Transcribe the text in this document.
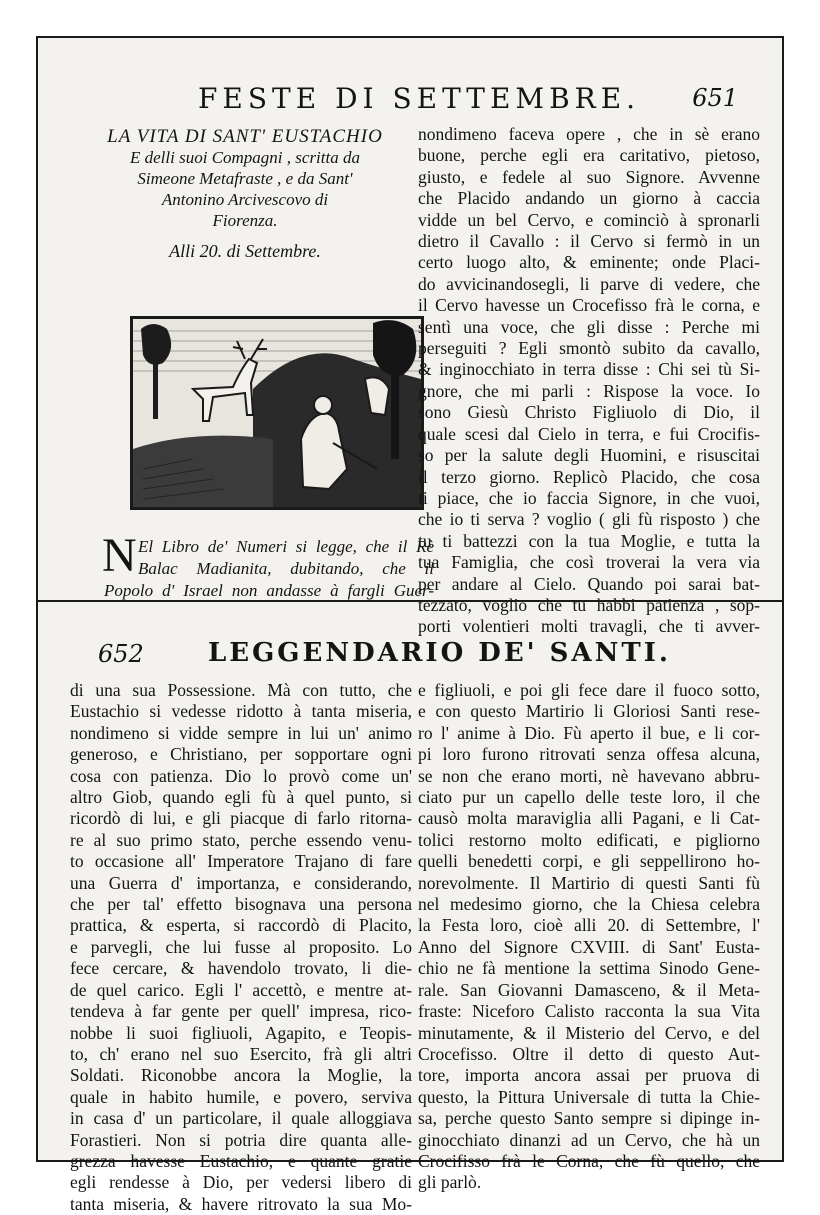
FESTE DI SETTEMBRE. 651
LA VITA DI SANT' EUSTACHIO
E delli suoi Compagni , scritta da
Simeone Metafraste , e da Sant'
Antonino Arcivescovo di
Fiorenza.
Alli 20. di Settembre.
N El Libro de' Numeri si legge, che il Rè
Balac Madianita, dubitando, che il
Popolo d' Israel non andasse à fargli Guer-
nondimeno faceva opere , che in sè erano
buone, perche egli era caritativo, pietoso,
giusto, e fedele al suo Signore. Avvenne
che Placido andando un giorno à caccia
vidde un bel Cervo, e cominciò à spronarli
dietro il Cavallo : il Cervo si fermò in un
certo luogo alto, & eminente; onde Placi-
do avvicinandosegli, li parve di vedere, che
il Cervo havesse un Crocefisso frà le corna, e
sentì una voce, che gli disse : Perche mi
perseguiti ? Egli smontò subito da cavallo,
& inginocchiato in terra disse : Chi sei tù Si-
gnore, che mi parli : Rispose la voce. Io
sono Giesù Christo Figliuolo di Dio, il
quale scesi dal Cielo in terra, e fui Crocifis-
so per la salute degli Huomini, e risuscitai
il terzo giorno. Replicò Placido, che cosa
ti piace, che io faccia Signore, in che vuoi,
che io ti serva ? voglio ( gli fù risposto ) che
tu ti battezzi con la tua Moglie, e tutta la
tua Famiglia, che così troverai la vera via
per andare al Cielo. Quando poi sarai bat-
tezzato, voglio che tu habbi patienza , sop-
porti volentieri molti travagli, che ti avver-
652 LEGGENDARIO DE' SANTI.
di una sua Possessione. Mà con tutto, che
Eustachio si vedesse ridotto à tanta miseria,
nondimeno si vidde sempre in lui un' animo
generoso, e Christiano, per sopportare ogni
cosa con patienza. Dio lo provò come un'
altro Giob, quando egli fù à quel punto, si
ricordò di lui, e gli piacque di farlo ritorna-
re al suo primo stato, perche essendo venu-
to occasione all' Imperatore Trajano di fare
una Guerra d' importanza, e considerando,
che per tal' effetto bisognava una persona
prattica, & esperta, si raccordò di Placito,
e parvegli, che lui fusse al proposito. Lo
fece cercare, & havendolo trovato, li die-
de quel carico. Egli l' accettò, e mentre at-
tendeva à far gente per quell' impresa, rico-
nobbe li suoi figliuoli, Agapito, e Teopis-
to, ch' erano nel suo Esercito, frà gli altri
Soldati. Riconobbe ancora la Moglie, la
quale in habito humile, e povero, serviva
in casa d' un particolare, il quale alloggiava
Forastieri. Non si potria dire quanta alle-
grezza havesse Eustachio, e quante gratie
egli rendesse à Dio, per vedersi libero di
tanta miseria, & havere ritrovato la sua Mo-
e figliuoli, e poi gli fece dare il fuoco sotto,
e con questo Martirio li Gloriosi Santi rese-
ro l' anime à Dio. Fù aperto il bue, e li cor-
pi loro furono ritrovati senza offesa alcuna,
se non che erano morti, nè havevano abbru-
ciato pur un capello delle teste loro, il che
causò molta maraviglia alli Pagani, e li Cat-
tolici restorno molto edificati, e pigliorno
quelli benedetti corpi, e gli seppellirono ho-
norevolmente. Il Martirio di questi Santi fù
nel medesimo giorno, che la Chiesa celebra
la Festa loro, cioè alli 20. di Settembre, l'
Anno del Signore CXVIII. di Sant' Eusta-
chio ne fà mentione la settima Sinodo Gene-
rale. San Giovanni Damasceno, & il Meta-
fraste: Niceforo Calisto racconta la sua Vita
minutamente, & il Misterio del Cervo, e del
Crocefisso. Oltre il detto di questo Aut-
tore, importa ancora assai per pruova di
questo, la Pittura Universale di tutta la Chie-
sa, perche questo Santo sempre si dipinge in-
ginocchiato dinanzi ad un Cervo, che hà un
Crocifisso frà le Corna, che fù quello, che
gli parlò.
